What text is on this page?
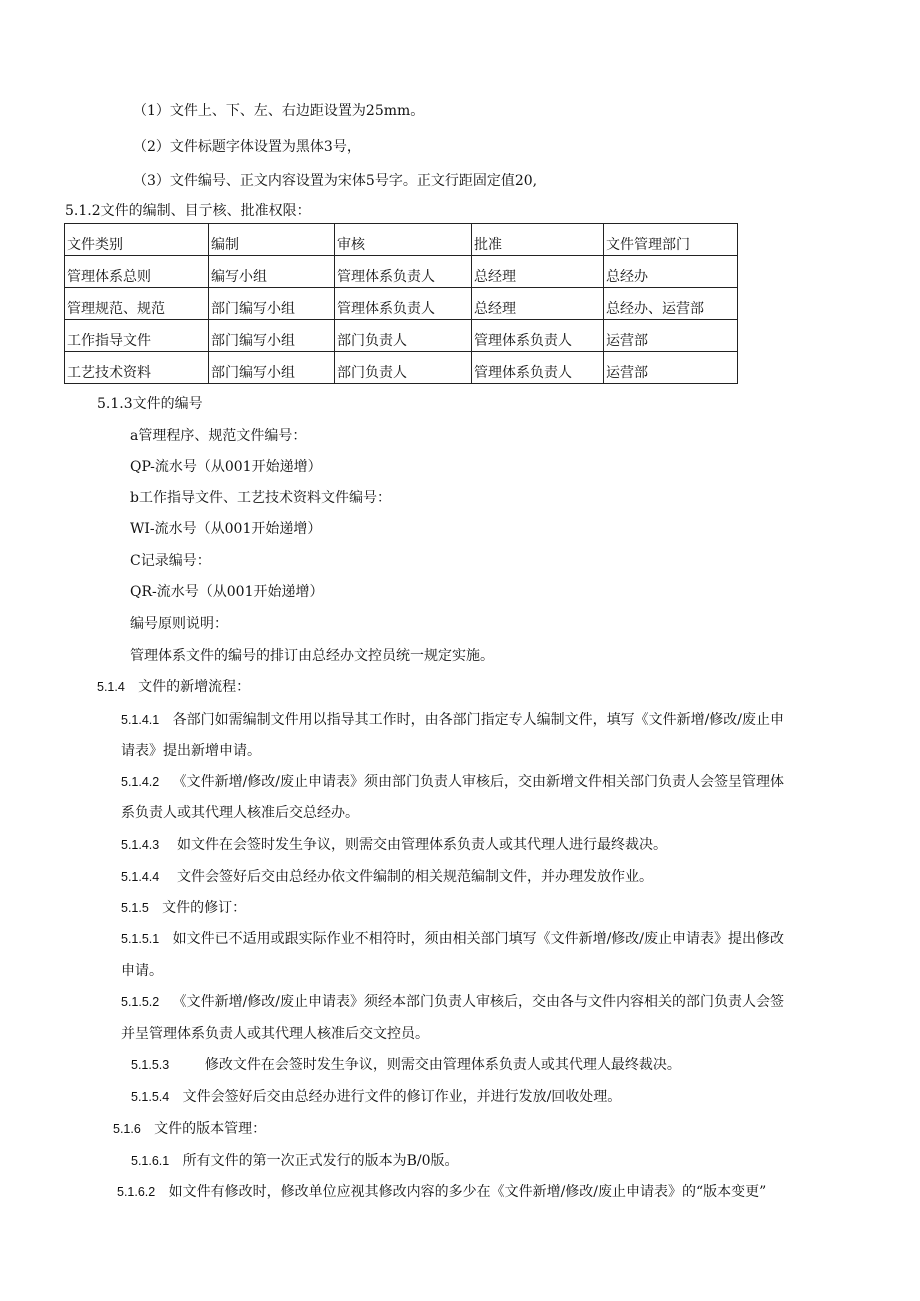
（1）文件上、下、左、右边距设置为25mm。
（2）文件标题字体设置为黑体3号，
（3）文件编号、正文内容设置为宋体5号字。正文行距固定值20,
5.1.2文件的编制、目亍核、批准权限：
文件类别	编制	审核	批准	文件管理部门
管理体系总则	编写小组	管理体系负责人	总经理	总经办
管理规范、规范	部门编写小组	管理体系负责人	总经理	总经办、运营部
工作指导文件	部门编写小组	部门负责人	管理体系负责人	运营部
工艺技术资料	部门编写小组	部门负责人	管理体系负责人	运营部
5.1.3文件的编号
a管理程序、规范文件编号：
QP-流水号（从001开始递增）
b工作指导文件、工艺技术资料文件编号：
WI-流水号（从001开始递增）
C记录编号：
QR-流水号（从001开始递增）
编号原则说明：
管理体系文件的编号的排订由总经办文控员统一规定实施。
5.1.4 文件的新增流程：
5.1.4.1 各部门如需编制文件用以指导其工作时，由各部门指定专人编制文件，填写《文件新增/修改/废止申
请表》提出新增申请。
5.1.4.2 《文件新增/修改/废止申请表》须由部门负责人审核后，交由新增文件相关部门负责人会签呈管理体
系负责人或其代理人核准后交总经办。
5.1.4.3 如文件在会签时发生争议，则需交由管理体系负责人或其代理人进行最终裁决。
5.1.4.4 文件会签好后交由总经办依文件编制的相关规范编制文件，并办理发放作业。
5.1.5 文件的修订：
5.1.5.1 如文件已不适用或跟实际作业不相符时，须由相关部门填写《文件新增/修改/废止申请表》提出修改
申请。
5.1.5.2 《文件新增/修改/废止申请表》须经本部门负责人审核后，交由各与文件内容相关的部门负责人会签
并呈管理体系负责人或其代理人核准后交文控员。
5.1.5.3	修改文件在会签时发生争议，则需交由管理体系负责人或其代理人最终裁决。
5.1.5.4 文件会签好后交由总经办进行文件的修订作业，并进行发放/回收处理。
5.1.6 文件的版本管理：
5.1.6.1 所有文件的第一次正式发行的版本为B/0版。
5.1.6.2 如文件有修改时，修改单位应视其修改内容的多少在《文件新增/修改/废止申请表》的“版本变更”
